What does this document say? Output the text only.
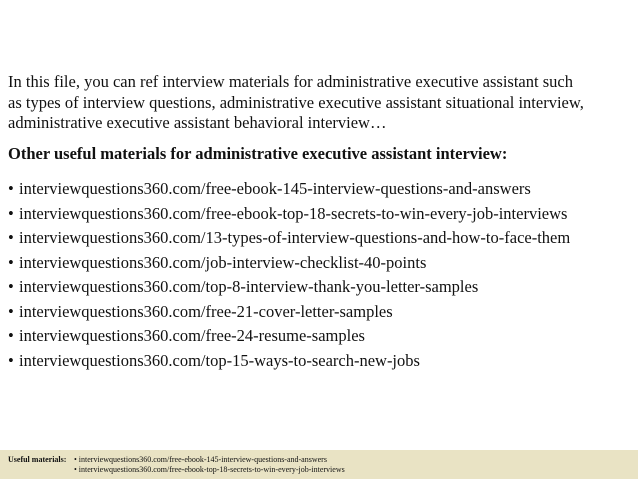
In this file, you can ref interview materials for administrative executive assistant such
as types of interview questions, administrative executive assistant situational interview,
administrative executive assistant behavioral interview…

Other useful materials for administrative executive assistant interview:

• interviewquestions360.com/free-ebook-145-interview-questions-and-answers
• interviewquestions360.com/free-ebook-top-18-secrets-to-win-every-job-interviews
• interviewquestions360.com/13-types-of-interview-questions-and-how-to-face-them
• interviewquestions360.com/job-interview-checklist-40-points
• interviewquestions360.com/top-8-interview-thank-you-letter-samples
• interviewquestions360.com/free-21-cover-letter-samples
• interviewquestions360.com/free-24-resume-samples
• interviewquestions360.com/top-15-ways-to-search-new-jobs
Useful materials: • interviewquestions360.com/free-ebook-145-interview-questions-and-answers
• interviewquestions360.com/free-ebook-top-18-secrets-to-win-every-job-interviews
